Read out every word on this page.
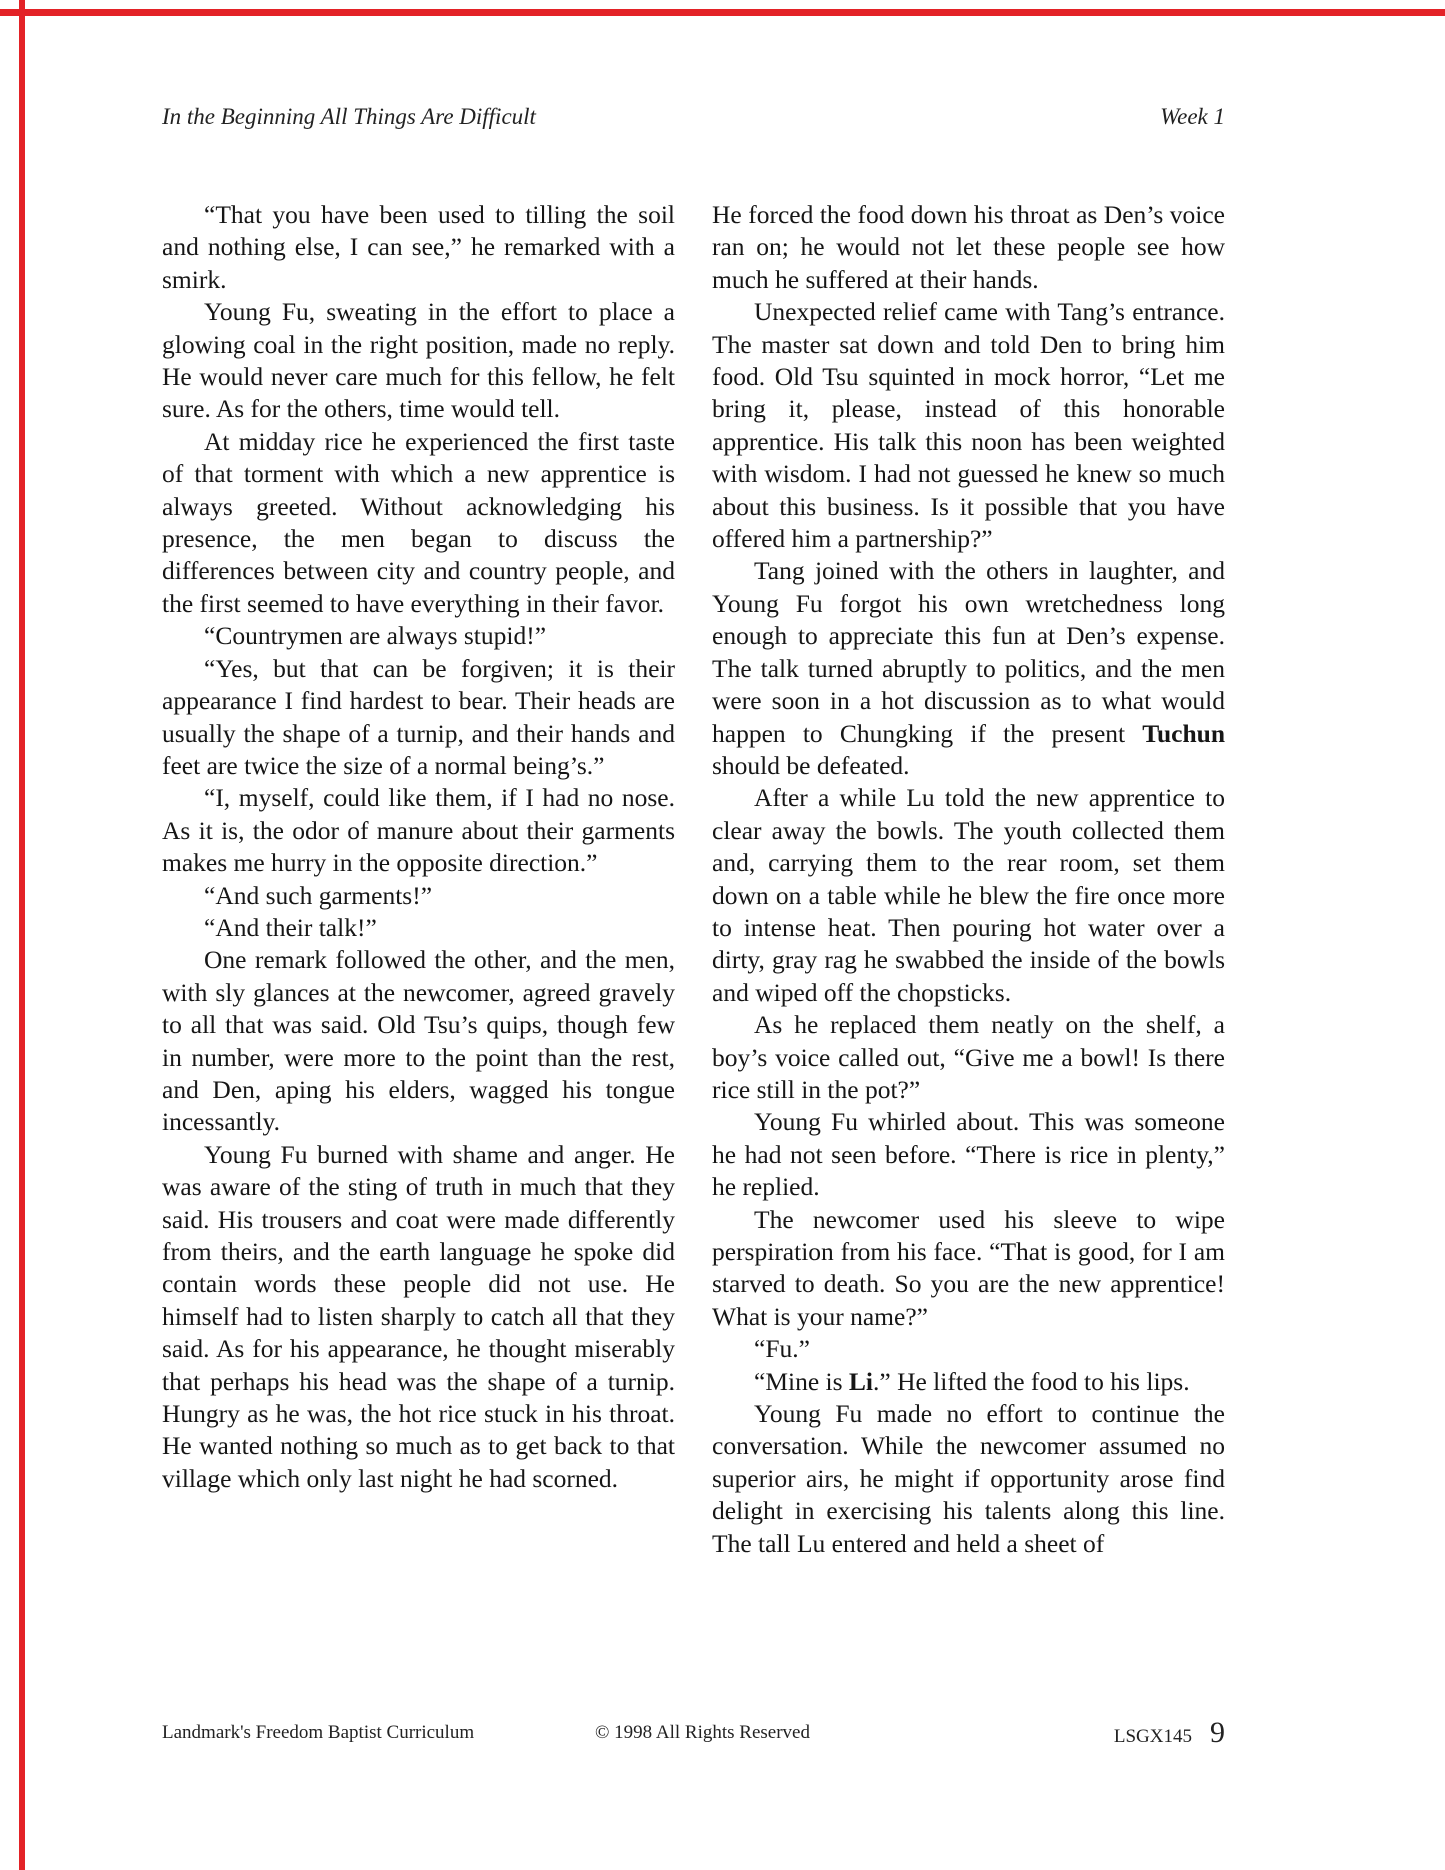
In the Beginning All Things Are Difficult	Week 1

“That you have been used to tilling the soil and nothing else, I can see,” he remarked with a smirk.

Young Fu, sweating in the effort to place a glowing coal in the right position, made no reply. He would never care much for this fellow, he felt sure. As for the others, time would tell.

At midday rice he experienced the first taste of that torment with which a new apprentice is always greeted. Without acknowledging his presence, the men began to discuss the differences between city and country people, and the first seemed to have everything in their favor.

“Countrymen are always stupid!”

“Yes, but that can be forgiven; it is their appearance I find hardest to bear. Their heads are usually the shape of a turnip, and their hands and feet are twice the size of a normal being’s.”

“I, myself, could like them, if I had no nose. As it is, the odor of manure about their garments makes me hurry in the opposite direction.”

“And such garments!”

“And their talk!”

One remark followed the other, and the men, with sly glances at the newcomer, agreed gravely to all that was said. Old Tsu’s quips, though few in number, were more to the point than the rest, and Den, aping his elders, wagged his tongue incessantly.

Young Fu burned with shame and anger. He was aware of the sting of truth in much that they said. His trousers and coat were made differently from theirs, and the earth language he spoke did contain words these people did not use. He himself had to listen sharply to catch all that they said. As for his appearance, he thought miserably that perhaps his head was the shape of a turnip. Hungry as he was, the hot rice stuck in his throat. He wanted nothing so much as to get back to that village which only last night he had scorned.

He forced the food down his throat as Den’s voice ran on; he would not let these people see how much he suffered at their hands.

Unexpected relief came with Tang’s entrance. The master sat down and told Den to bring him food. Old Tsu squinted in mock horror, “Let me bring it, please, instead of this honorable apprentice. His talk this noon has been weighted with wisdom. I had not guessed he knew so much about this business. Is it possible that you have offered him a partnership?”

Tang joined with the others in laughter, and Young Fu forgot his own wretchedness long enough to appreciate this fun at Den’s expense. The talk turned abruptly to politics, and the men were soon in a hot discussion as to what would happen to Chungking if the present Tuchun should be defeated.

After a while Lu told the new apprentice to clear away the bowls. The youth collected them and, carrying them to the rear room, set them down on a table while he blew the fire once more to intense heat. Then pouring hot water over a dirty, gray rag he swabbed the inside of the bowls and wiped off the chopsticks.

As he replaced them neatly on the shelf, a boy’s voice called out, “Give me a bowl! Is there rice still in the pot?”

Young Fu whirled about. This was someone he had not seen before. “There is rice in plenty,” he replied.

The newcomer used his sleeve to wipe perspiration from his face. “That is good, for I am starved to death. So you are the new apprentice! What is your name?”

“Fu.”

“Mine is Li.” He lifted the food to his lips.

Young Fu made no effort to continue the conversation. While the newcomer assumed no superior airs, he might if opportunity arose find delight in exercising his talents along this line. The tall Lu entered and held a sheet of

Landmark's Freedom Baptist Curriculum	© 1998 All Rights Reserved	LSGX145 9
